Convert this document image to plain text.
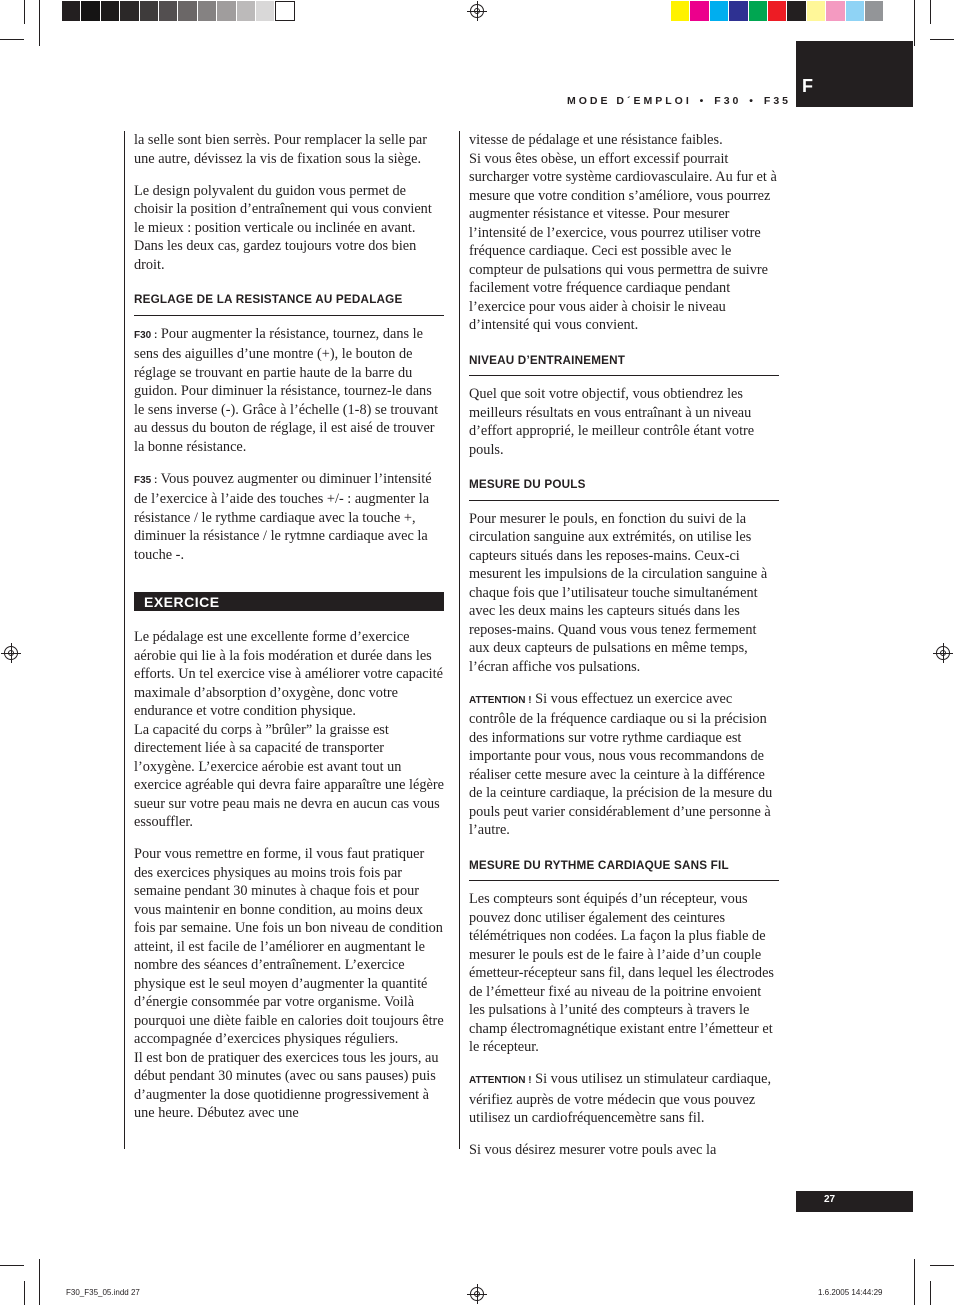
MODE D´EMPLOI • F30 • F35
F

la selle sont bien serrès. Pour remplacer la selle par une autre, dévissez la vis de fixation sous la siège.

Le design polyvalent du guidon vous permet de choisir la position d’entraînement qui vous convient le mieux : position verticale ou inclinée en avant. Dans les deux cas, gardez toujours votre dos bien droit.

REGLAGE DE LA RESISTANCE AU PEDALAGE

F30 : Pour augmenter la résistance, tournez, dans le sens des aiguilles d’une montre (+), le bouton de réglage se trouvant en partie haute de la barre du guidon. Pour diminuer la résistance, tournez-le dans le sens inverse (-). Grâce à l’échelle (1-8) se trouvant au dessus du bouton de réglage, il est aisé de trouver la bonne résistance.

F35 : Vous pouvez augmenter ou diminuer l’intensité de l’exercice à l’aide des touches +/- : augmenter la résistance / le rythme cardiaque avec la touche +, diminuer la résistance / le rytmne cardiaque avec la touche -.

EXERCICE

Le pédalage est une excellente forme d’exercice aérobie qui lie à la fois modération et durée dans les efforts. Un tel exercice vise à améliorer votre capacité maximale d’absorption d’oxygène, donc votre endurance et votre condition physique.

La capacité du corps à ”brûler” la graisse est directement liée à sa capacité de transporter l’oxygène. L’exercice aérobie est avant tout un exercice agréable qui devra faire apparaître une légère sueur sur votre peau mais ne devra en aucun cas vous essouffler.

Pour vous remettre en forme, il vous faut pratiquer des exercices physiques au moins trois fois par semaine pendant 30 minutes à chaque fois et pour vous maintenir en bonne condition, au moins deux fois par semaine. Une fois un bon niveau de condition atteint, il est facile de l’améliorer en augmentant le nombre des séances d’entraînement. L’exercice physique est le seul moyen d’augmenter la quantité d’énergie consommée par votre organisme. Voilà pourquoi une diète faible en calories doit toujours être accompagnée d’exercices physiques réguliers.

Il est bon de pratiquer des exercices tous les jours, au début pendant 30 minutes (avec ou sans pauses) puis d’augmenter la dose quotidienne progressivement à une heure. Débutez avec une

vitesse de pédalage et une résistance faibles.

Si vous êtes obèse, un effort excessif pourrait surcharger votre système cardiovasculaire. Au fur et à mesure que votre condition s’améliore, vous pourrez augmenter résistance et vitesse. Pour mesurer l’intensité de l’exercice, vous pourrez utiliser votre fréquence cardiaque. Ceci est possible avec le compteur de pulsations qui vous permettra de suivre facilement votre fréquence cardiaque pendant l’exercice pour vous aider à choisir le niveau d’intensité qui vous convient.

NIVEAU D’ENTRAINEMENT

Quel que soit votre objectif, vous obtiendrez les meilleurs résultats en vous entraînant à un niveau d’effort approprié, le meilleur contrôle étant votre pouls.

MESURE DU POULS

Pour mesurer le pouls, en fonction du suivi de la circulation sanguine aux extrémités, on utilise les capteurs situés dans les reposes-mains. Ceux-ci mesurent les impulsions de la circulation sanguine à chaque fois que l’utilisateur touche simultanément avec les deux mains les capteurs situés dans les reposes-mains. Quand vous vous tenez fermement aux deux capteurs de pulsations en même temps, l’écran affiche vos pulsations.

ATTENTION ! Si vous effectuez un exercice avec contrôle de la fréquence cardiaque ou si la précision des informations sur votre rythme cardiaque est importante pour vous, nous vous recommandons de réaliser cette mesure avec la ceinture à la différence de la ceinture cardiaque, la précision de la mesure du pouls peut varier considérablement d’une personne à l’autre.

MESURE DU RYTHME CARDIAQUE SANS FIL

Les compteurs sont équipés d’un récepteur, vous pouvez donc utiliser également des ceintures télémétriques non codées. La façon la plus fiable de mesurer le pouls est de le faire à l’aide d’un couple émetteur-récepteur sans fil, dans lequel les électrodes de l’émetteur fixé au niveau de la poitrine envoient les pulsations à l’unité des compteurs à travers le champ électromagnétique existant entre l’émetteur et le récepteur.

ATTENTION ! Si vous utilisez un stimulateur cardiaque, vérifiez auprès de votre médecin que vous pouvez utilisez un cardiofréquencemètre sans fil.

Si vous désirez mesurer votre pouls avec la

27
F30_F35_05.indd 27	1.6.2005 14:44:29
